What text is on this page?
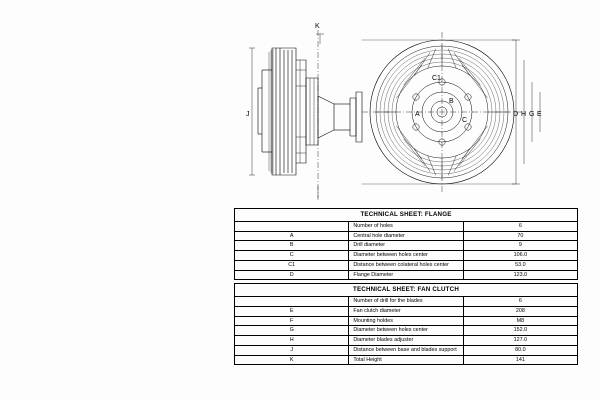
K
D H G E
A
B
C
C1
J
TECHNICAL SHEET: FLANGE		
	Number of holes	6
A	Central hole diameter	70
B	Drill diameter	9
C	Diameter between holes center	106.0
C1	Distance between colateral holes center	53.0
D	Flange Diameter	123.0
TECHNICAL SHEET: FAN CLUTCH		
	Number of drill for the blades	6
E	Fan clutch diameter	208
F	Mounting holdes	M8
G	Diameter between holes center	152.0
H	Diameter blades adjuster	127.0
J	Distance between base and blades support	80.0
K	Total Height	141
